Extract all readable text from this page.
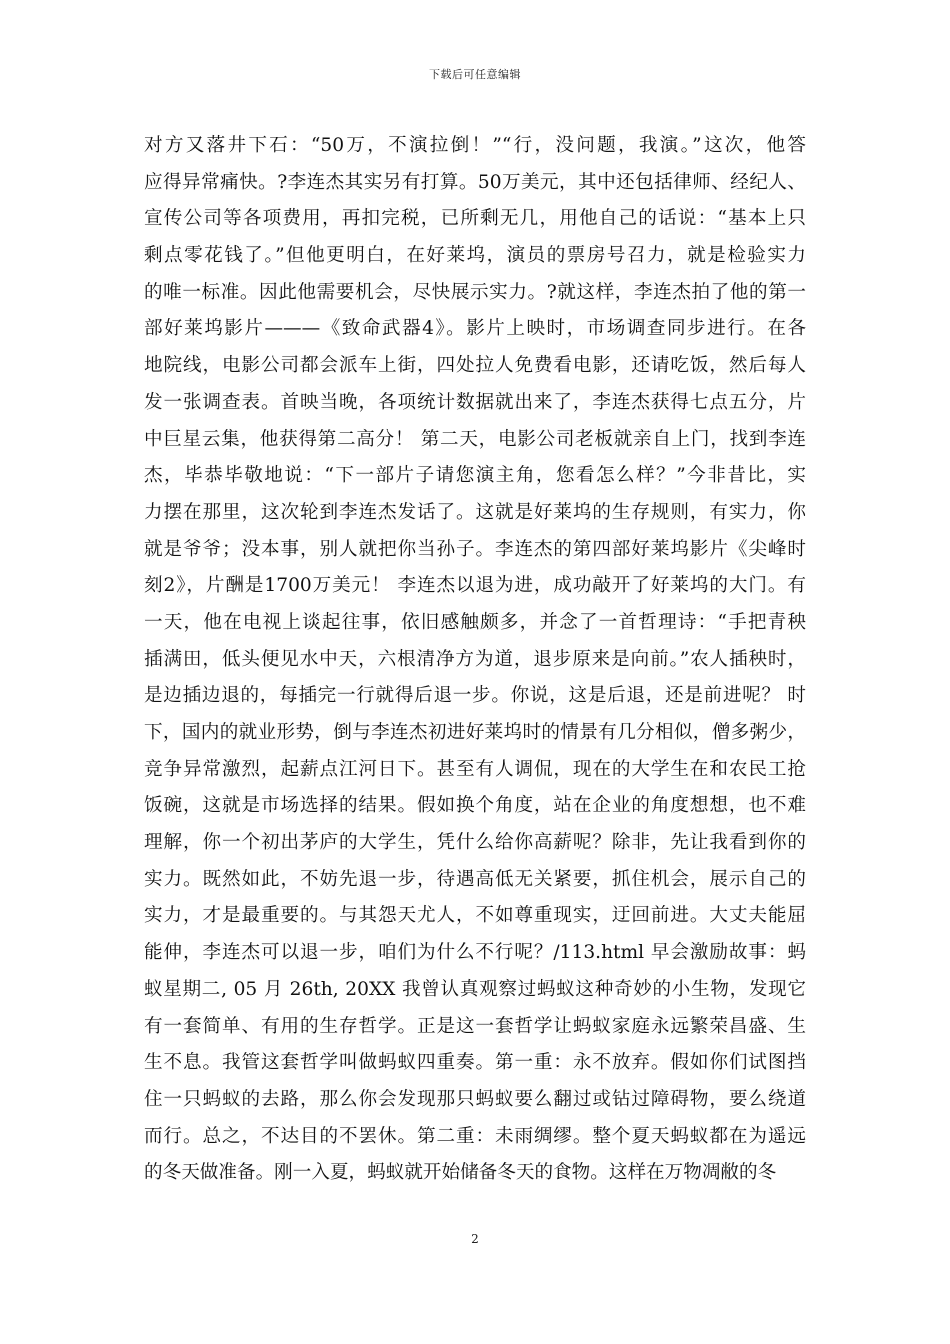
下载后可任意编辑
对方又落井下石：“50万，不演拉倒！”“行，没问题，我演。”这次，他答
应得异常痛快。?李连杰其实另有打算。50万美元，其中还包括律师、经纪人、
宣传公司等各项费用，再扣完税，已所剩无几，用他自己的话说：“基本上只
剩点零花钱了。”但他更明白，在好莱坞，演员的票房号召力，就是检验实力
的唯一标准。因此他需要机会，尽快展示实力。?就这样，李连杰拍了他的第一
部好莱坞影片———《致命武器4》。影片上映时，市场调查同步进行。在各
地院线，电影公司都会派车上街，四处拉人免费看电影，还请吃饭，然后每人
发一张调查表。首映当晚，各项统计数据就出来了，李连杰获得七点五分，片
中巨星云集，他获得第二高分！ 第二天，电影公司老板就亲自上门，找到李连
杰，毕恭毕敬地说：“下一部片子请您演主角，您看怎么样？”今非昔比，实
力摆在那里，这次轮到李连杰发话了。这就是好莱坞的生存规则，有实力，你
就是爷爷；没本事，别人就把你当孙子。李连杰的第四部好莱坞影片《尖峰时
刻2》，片酬是1700万美元！ 李连杰以退为进，成功敲开了好莱坞的大门。有
一天，他在电视上谈起往事，依旧感触颇多，并念了一首哲理诗：“手把青秧
插满田，低头便见水中天，六根清净方为道，退步原来是向前。”农人插秧时，
是边插边退的，每插完一行就得后退一步。你说，这是后退，还是前进呢？ 时
下，国内的就业形势，倒与李连杰初进好莱坞时的情景有几分相似，僧多粥少，
竞争异常激烈，起薪点江河日下。甚至有人调侃，现在的大学生在和农民工抢
饭碗，这就是市场选择的结果。假如换个角度，站在企业的角度想想，也不难
理解，你一个初出茅庐的大学生，凭什么给你高薪呢？除非，先让我看到你的
实力。既然如此，不妨先退一步，待遇高低无关紧要，抓住机会，展示自己的
实力，才是最重要的。与其怨天尤人，不如尊重现实，迂回前进。大丈夫能屈
能伸，李连杰可以退一步，咱们为什么不行呢？/113.html 早会激励故事：蚂
蚁星期二, 05 月 26th, 20XX 我曾认真观察过蚂蚁这种奇妙的小生物，发现它
有一套简单、有用的生存哲学。正是这一套哲学让蚂蚁家庭永远繁荣昌盛、生
生不息。我管这套哲学叫做蚂蚁四重奏。第一重：永不放弃。假如你们试图挡
住一只蚂蚁的去路，那么你会发现那只蚂蚁要么翻过或钻过障碍物，要么绕道
而行。总之，不达目的不罢休。第二重：未雨绸缪。整个夏天蚂蚁都在为遥远
的冬天做准备。刚一入夏，蚂蚁就开始储备冬天的食物。这样在万物凋敝的冬
2
